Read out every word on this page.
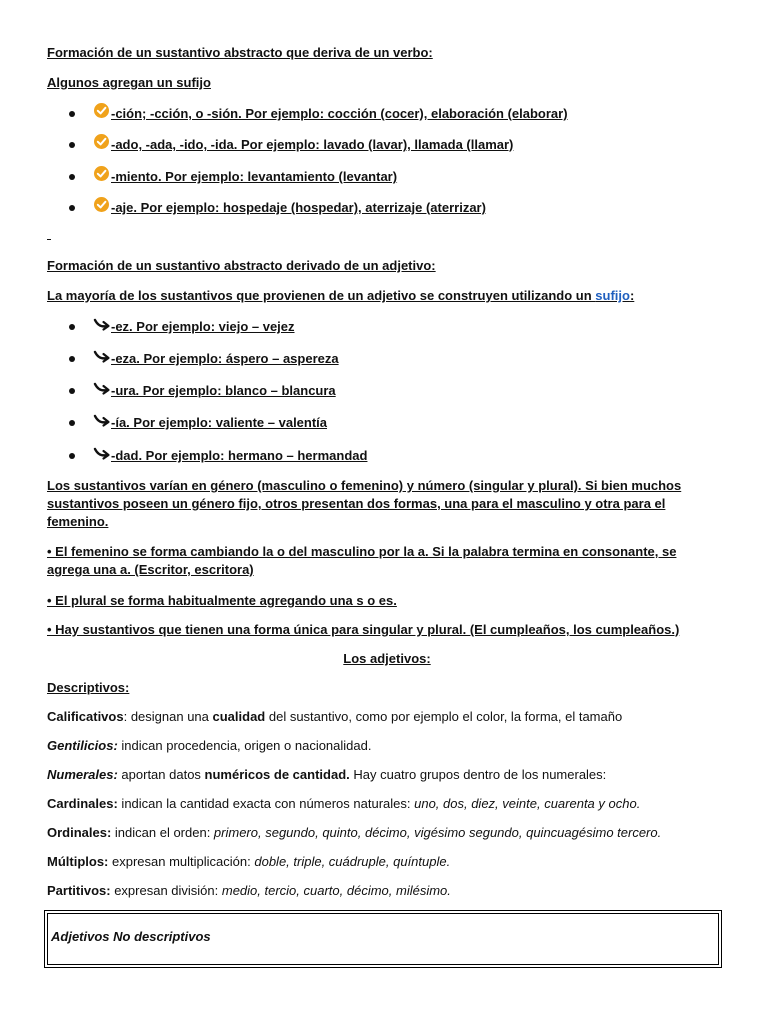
Formación de un sustantivo abstracto que deriva de un verbo:
Algunos agregan un sufijo
-ción; -cción, o -sión. Por ejemplo: cocción (cocer), elaboración (elaborar)
-ado, -ada, -ido, -ida. Por ejemplo: lavado (lavar), llamada (llamar)
-miento. Por ejemplo: levantamiento (levantar)
-aje. Por ejemplo: hospedaje (hospedar), aterrizaje (aterrizar)
Formación de un sustantivo abstracto derivado de un adjetivo:
La mayoría de los sustantivos que provienen de un adjetivo se construyen utilizando un sufijo:
-ez. Por ejemplo: viejo – vejez
-eza. Por ejemplo: áspero – aspereza
-ura. Por ejemplo: blanco – blancura
-ía. Por ejemplo: valiente – valentía
-dad. Por ejemplo: hermano – hermandad
Los sustantivos varían en género (masculino o femenino) y número (singular y plural). Si bien muchos sustantivos poseen un género fijo, otros presentan dos formas, una para el masculino y otra para el femenino.
• El femenino se forma cambiando la o del masculino por la a. Si la palabra termina en consonante, se agrega una a. (Escritor, escritora)
• El plural se forma habitualmente agregando una s o es.
• Hay sustantivos que tienen una forma única para singular y plural. (El cumpleaños, los cumpleaños.)
Los adjetivos:
Descriptivos:
Calificativos: designan una cualidad del sustantivo, como por ejemplo el color, la forma, el tamaño
Gentilicios: indican procedencia, origen o nacionalidad.
Numerales: aportan datos numéricos de cantidad. Hay cuatro grupos dentro de los numerales:
Cardinales: indican la cantidad exacta con números naturales: uno, dos, diez, veinte, cuarenta y ocho.
Ordinales: indican el orden: primero, segundo, quinto, décimo, vigésimo segundo, quincuagésimo tercero.
Múltiplos: expresan multiplicación: doble, triple, cuádruple, quíntuple.
Partitivos: expresan división: medio, tercio, cuarto, décimo, milésimo.
Adjetivos No descriptivos
